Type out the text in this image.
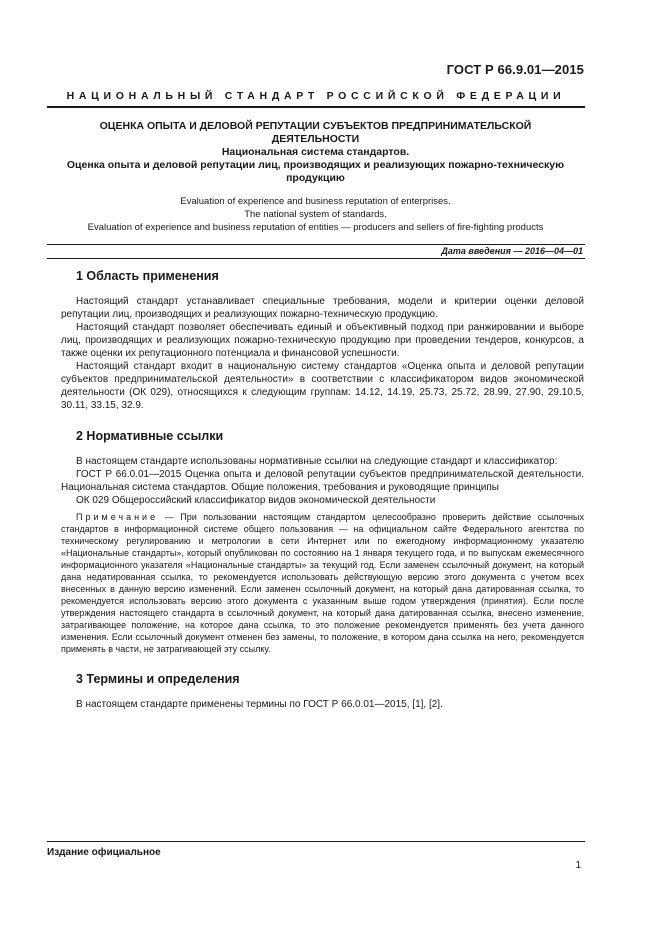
ГОСТ Р 66.9.01—2015
НАЦИОНАЛЬНЫЙ СТАНДАРТ РОССИЙСКОЙ ФЕДЕРАЦИИ
ОЦЕНКА ОПЫТА И ДЕЛОВОЙ РЕПУТАЦИИ СУБЪЕКТОВ ПРЕДПРИНИМАТЕЛЬСКОЙ ДЕЯТЕЛЬНОСТИ
Национальная система стандартов.
Оценка опыта и деловой репутации лиц, производящих и реализующих пожарно-техническую продукцию
Evaluation of experience and business reputation of enterprises.
The national system of standards.
Evaluation of experience and business reputation of entities — producers and sellers of fire-fighting products
Дата введения — 2016—04—01
1 Область применения
Настоящий стандарт устанавливает специальные требования, модели и критерии оценки деловой репутации лиц, производящих и реализующих пожарно-техническую продукцию.
Настоящий стандарт позволяет обеспечивать единый и объективный подход при ранжировании и выборе лиц, производящих и реализующих пожарно-техническую продукцию при проведении тендеров, конкурсов, а также оценки их репутационного потенциала и финансовой успешности.
Настоящий стандарт входит в национальную систему стандартов «Оценка опыта и деловой репутации субъектов предпринимательской деятельности» в соответствии с классификатором видов экономической деятельности (ОК 029), относящихся к следующим группам: 14.12, 14.19, 25.73, 25.72, 28.99, 27.90, 29.10.5, 30.11, 33.15, 32.9.
2 Нормативные ссылки
В настоящем стандарте использованы нормативные ссылки на следующие стандарт и классификатор:
ГОСТ Р 66.0.01—2015 Оценка опыта и деловой репутации субъектов предпринимательской деятельности. Национальная система стандартов. Общие положения, требования и руководящие принципы
ОК 029 Общероссийский классификатор видов экономической деятельности
Примечание — При пользовании настоящим стандартом целесообразно проверить действие ссылочных стандартов в информационной системе общего пользования — на официальном сайте Федерального агентства по техническому регулированию и метрологии в сети Интернет или по ежегодному информационному указателю «Национальные стандарты», который опубликован по состоянию на 1 января текущего года, и по выпускам ежемесячного информационного указателя «Национальные стандарты» за текущий год. Если заменен ссылочный документ, на который дана недатированная ссылка, то рекомендуется использовать действующую версию этого документа с учетом всех внесенных в данную версию изменений. Если заменен ссылочный документ, на который дана датированная ссылка, то рекомендуется использовать версию этого документа с указанным выше годом утверждения (принятия). Если после утверждения настоящего стандарта в ссылочный документ, на который дана датированная ссылка, внесено изменение, затрагивающее положение, на которое дана ссылка, то это положение рекомендуется применять без учета данного изменения. Если ссылочный документ отменен без замены, то положение, в котором дана ссылка на него, рекомендуется применять в части, не затрагивающей эту ссылку.
3 Термины и определения
В настоящем стандарте применены термины по ГОСТ Р 66.0.01—2015, [1], [2].
Издание официальное
1
